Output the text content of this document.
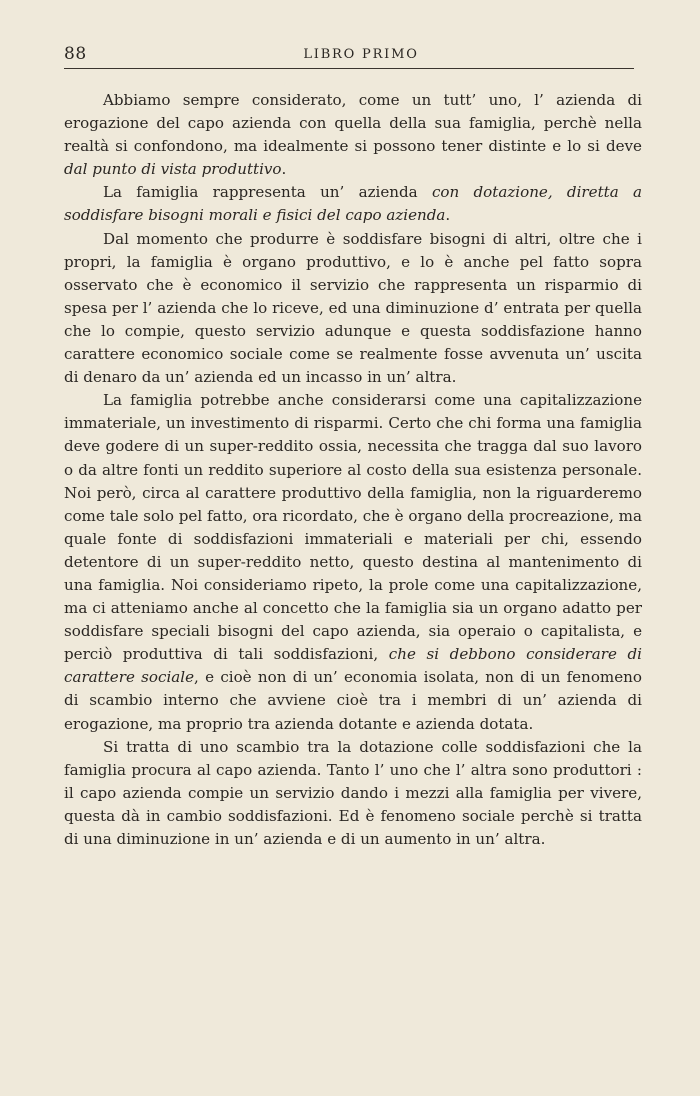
88	LIBRO PRIMO

Abbiamo sempre considerato, come un tutt’ uno, l’ azienda di erogazione del capo azienda con quella della sua famiglia, perchè nella realtà si confondono, ma idealmente si possono tener distinte e lo si deve dal punto di vista produttivo.

La famiglia rappresenta un’ azienda con dotazione, diretta a soddisfare bisogni morali e fisici del capo azienda.

Dal momento che produrre è soddisfare bisogni di altri, oltre che i propri, la famiglia è organo produttivo, e lo è anche pel fatto sopra osservato che è economico il servizio che rappresenta un risparmio di spesa per l’ azienda che lo riceve, ed una diminuzione d’ entrata per quella che lo compie, questo servizio adunque e questa soddisfazione hanno carattere economico sociale come se realmente fosse avvenuta un’ uscita di denaro da un’ azienda ed un incasso in un’ altra.

La famiglia potrebbe anche considerarsi come una capitalizzazione immateriale, un investimento di risparmi. Certo che chi forma una famiglia deve godere di un super-reddito ossia, necessita che tragga dal suo lavoro o da altre fonti un reddito superiore al costo della sua esistenza personale. Noi però, circa al carattere produttivo della famiglia, non la riguarderemo come tale solo pel fatto, ora ricordato, che è organo della procreazione, ma quale fonte di soddisfazioni immateriali e materiali per chi, essendo detentore di un super-reddito netto, questo destina al mantenimento di una famiglia. Noi consideriamo ripeto, la prole come una capitalizzazione, ma ci atteniamo anche al concetto che la famiglia sia un organo adatto per soddisfare speciali bisogni del capo azienda, sia operaio o capitalista, e perciò produttiva di tali soddisfazioni, che si debbono considerare di carattere sociale, e cioè non di un’ economia isolata, non di un fenomeno di scambio interno che avviene cioè tra i membri di un’ azienda di erogazione, ma proprio tra azienda dotante e azienda dotata.

Si tratta di uno scambio tra la dotazione colle soddisfazioni che la famiglia procura al capo azienda. Tanto l’ uno che l’ altra sono produttori : il capo azienda compie un servizio dando i mezzi alla famiglia per vivere, questa dà in cambio soddisfazioni. Ed è fenomeno sociale perchè si tratta di una diminuzione in un’ azienda e di un aumento in un’ altra.
